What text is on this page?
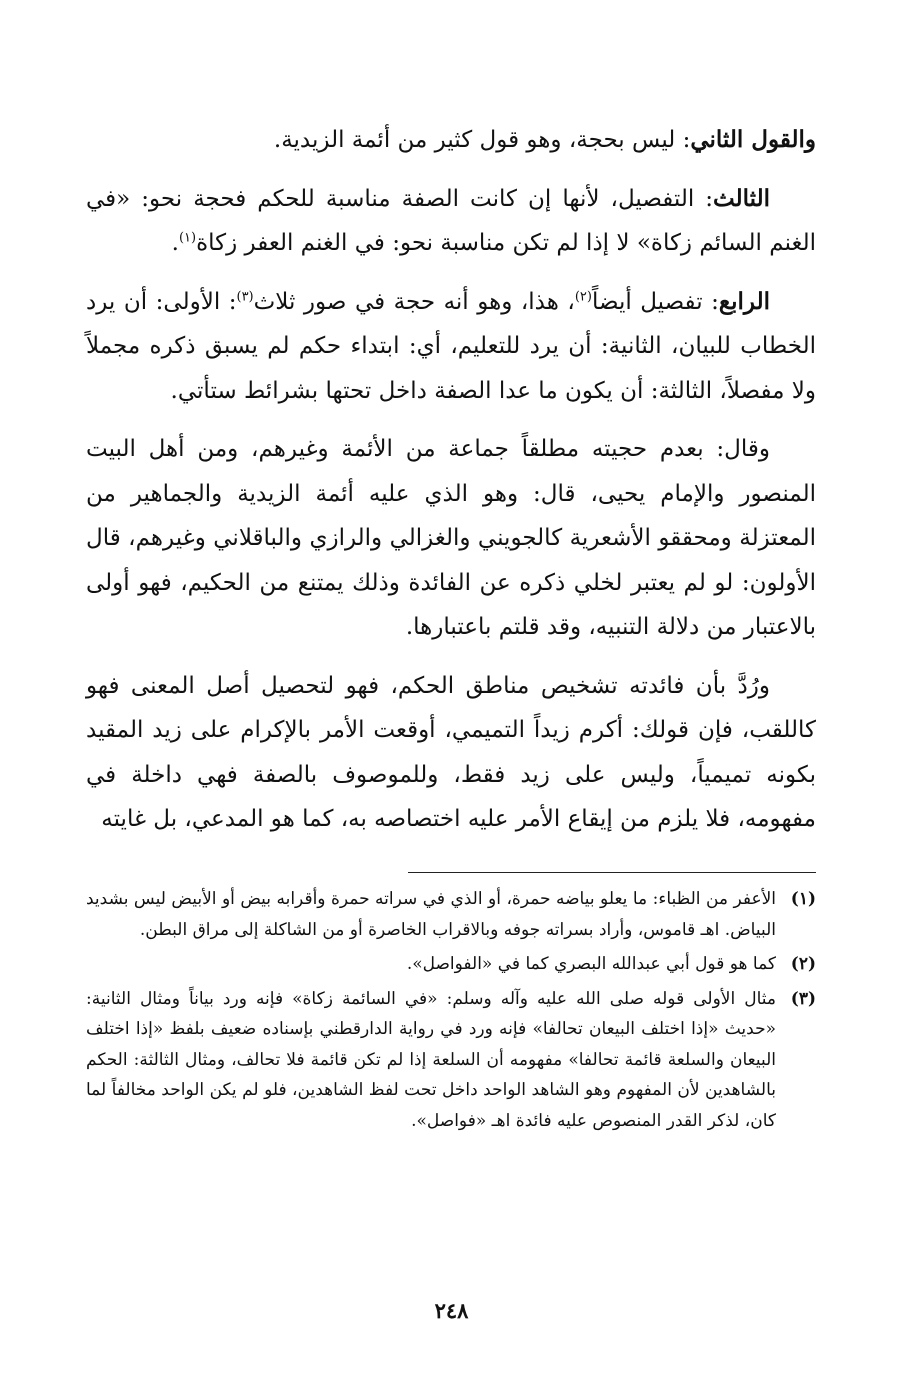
والقول الثاني: ليس بحجة، وهو قول كثير من أئمة الزيدية.

الثالث: التفصيل، لأنها إن كانت الصفة مناسبة للحكم فحجة نحو: «في الغنم السائم زكاة» لا إذا لم تكن مناسبة نحو: في الغنم العفر زكاة$^{(١)}$.

الرابع: تفصيل أيضاً$^{(٢)}$، هذا، وهو أنه حجة في صور ثلاث$^{(٣)}$: الأولى: أن يرد الخطاب للبيان، الثانية: أن يرد للتعليم، أي: ابتداء حكم لم يسبق ذكره مجملاً ولا مفصلاً، الثالثة: أن يكون ما عدا الصفة داخل تحتها بشرائط ستأتي.

وقال: بعدم حجيته مطلقاً جماعة من الأئمة وغيرهم، ومن أهل البيت المنصور والإمام يحيى، قال: وهو الذي عليه أئمة الزيدية والجماهير من المعتزلة ومحققو الأشعرية كالجويني والغزالي والرازي والباقلاني وغيرهم، قال الأولون: لو لم يعتبر لخلي ذكره عن الفائدة وذلك يمتنع من الحكيم، فهو أولى بالاعتبار من دلالة التنبيه، وقد قلتم باعتبارها.

ورُدَّ بأن فائدته تشخيص مناطق الحكم، فهو لتحصيل أصل المعنى فهو كاللقب، فإن قولك: أكرم زيداً التميمي، أوقعت الأمر بالإكرام على زيد المقيد بكونه تميمياً، وليس على زيد فقط، وللموصوف بالصفة فهي داخلة في مفهومه، فلا يلزم من إيقاع الأمر عليه اختصاصه به، كما هو المدعي، بل غايته

(١)
الأعفر من الظباء: ما يعلو بياضه حمرة، أو الذي في سراته حمرة وأقرابه بيض أو الأبيض ليس بشديد البياض. اهـ قاموس، وأراد بسراته جوفه وبالاقراب الخاصرة أو من الشاكلة إلى مراق البطن.
(٢)
كما هو قول أبي عبدالله البصري كما في «الفواصل».
(٣)
مثال الأولى قوله صلى الله عليه وآله وسلم: «في السائمة زكاة» فإنه ورد بياناً ومثال الثانية: «حديث «إذا اختلف البيعان تحالفا» فإنه ورد في رواية الدارقطني بإسناده ضعيف بلفظ «إذا اختلف البيعان والسلعة قائمة تحالفا» مفهومه أن السلعة إذا لم تكن قائمة فلا تحالف، ومثال الثالثة: الحكم بالشاهدين لأن المفهوم وهو الشاهد الواحد داخل تحت لفظ الشاهدين، فلو لم يكن الواحد مخالفاً لما كان، لذكر القدر المنصوص عليه فائدة اهـ «فواصل».
٢٤٨
